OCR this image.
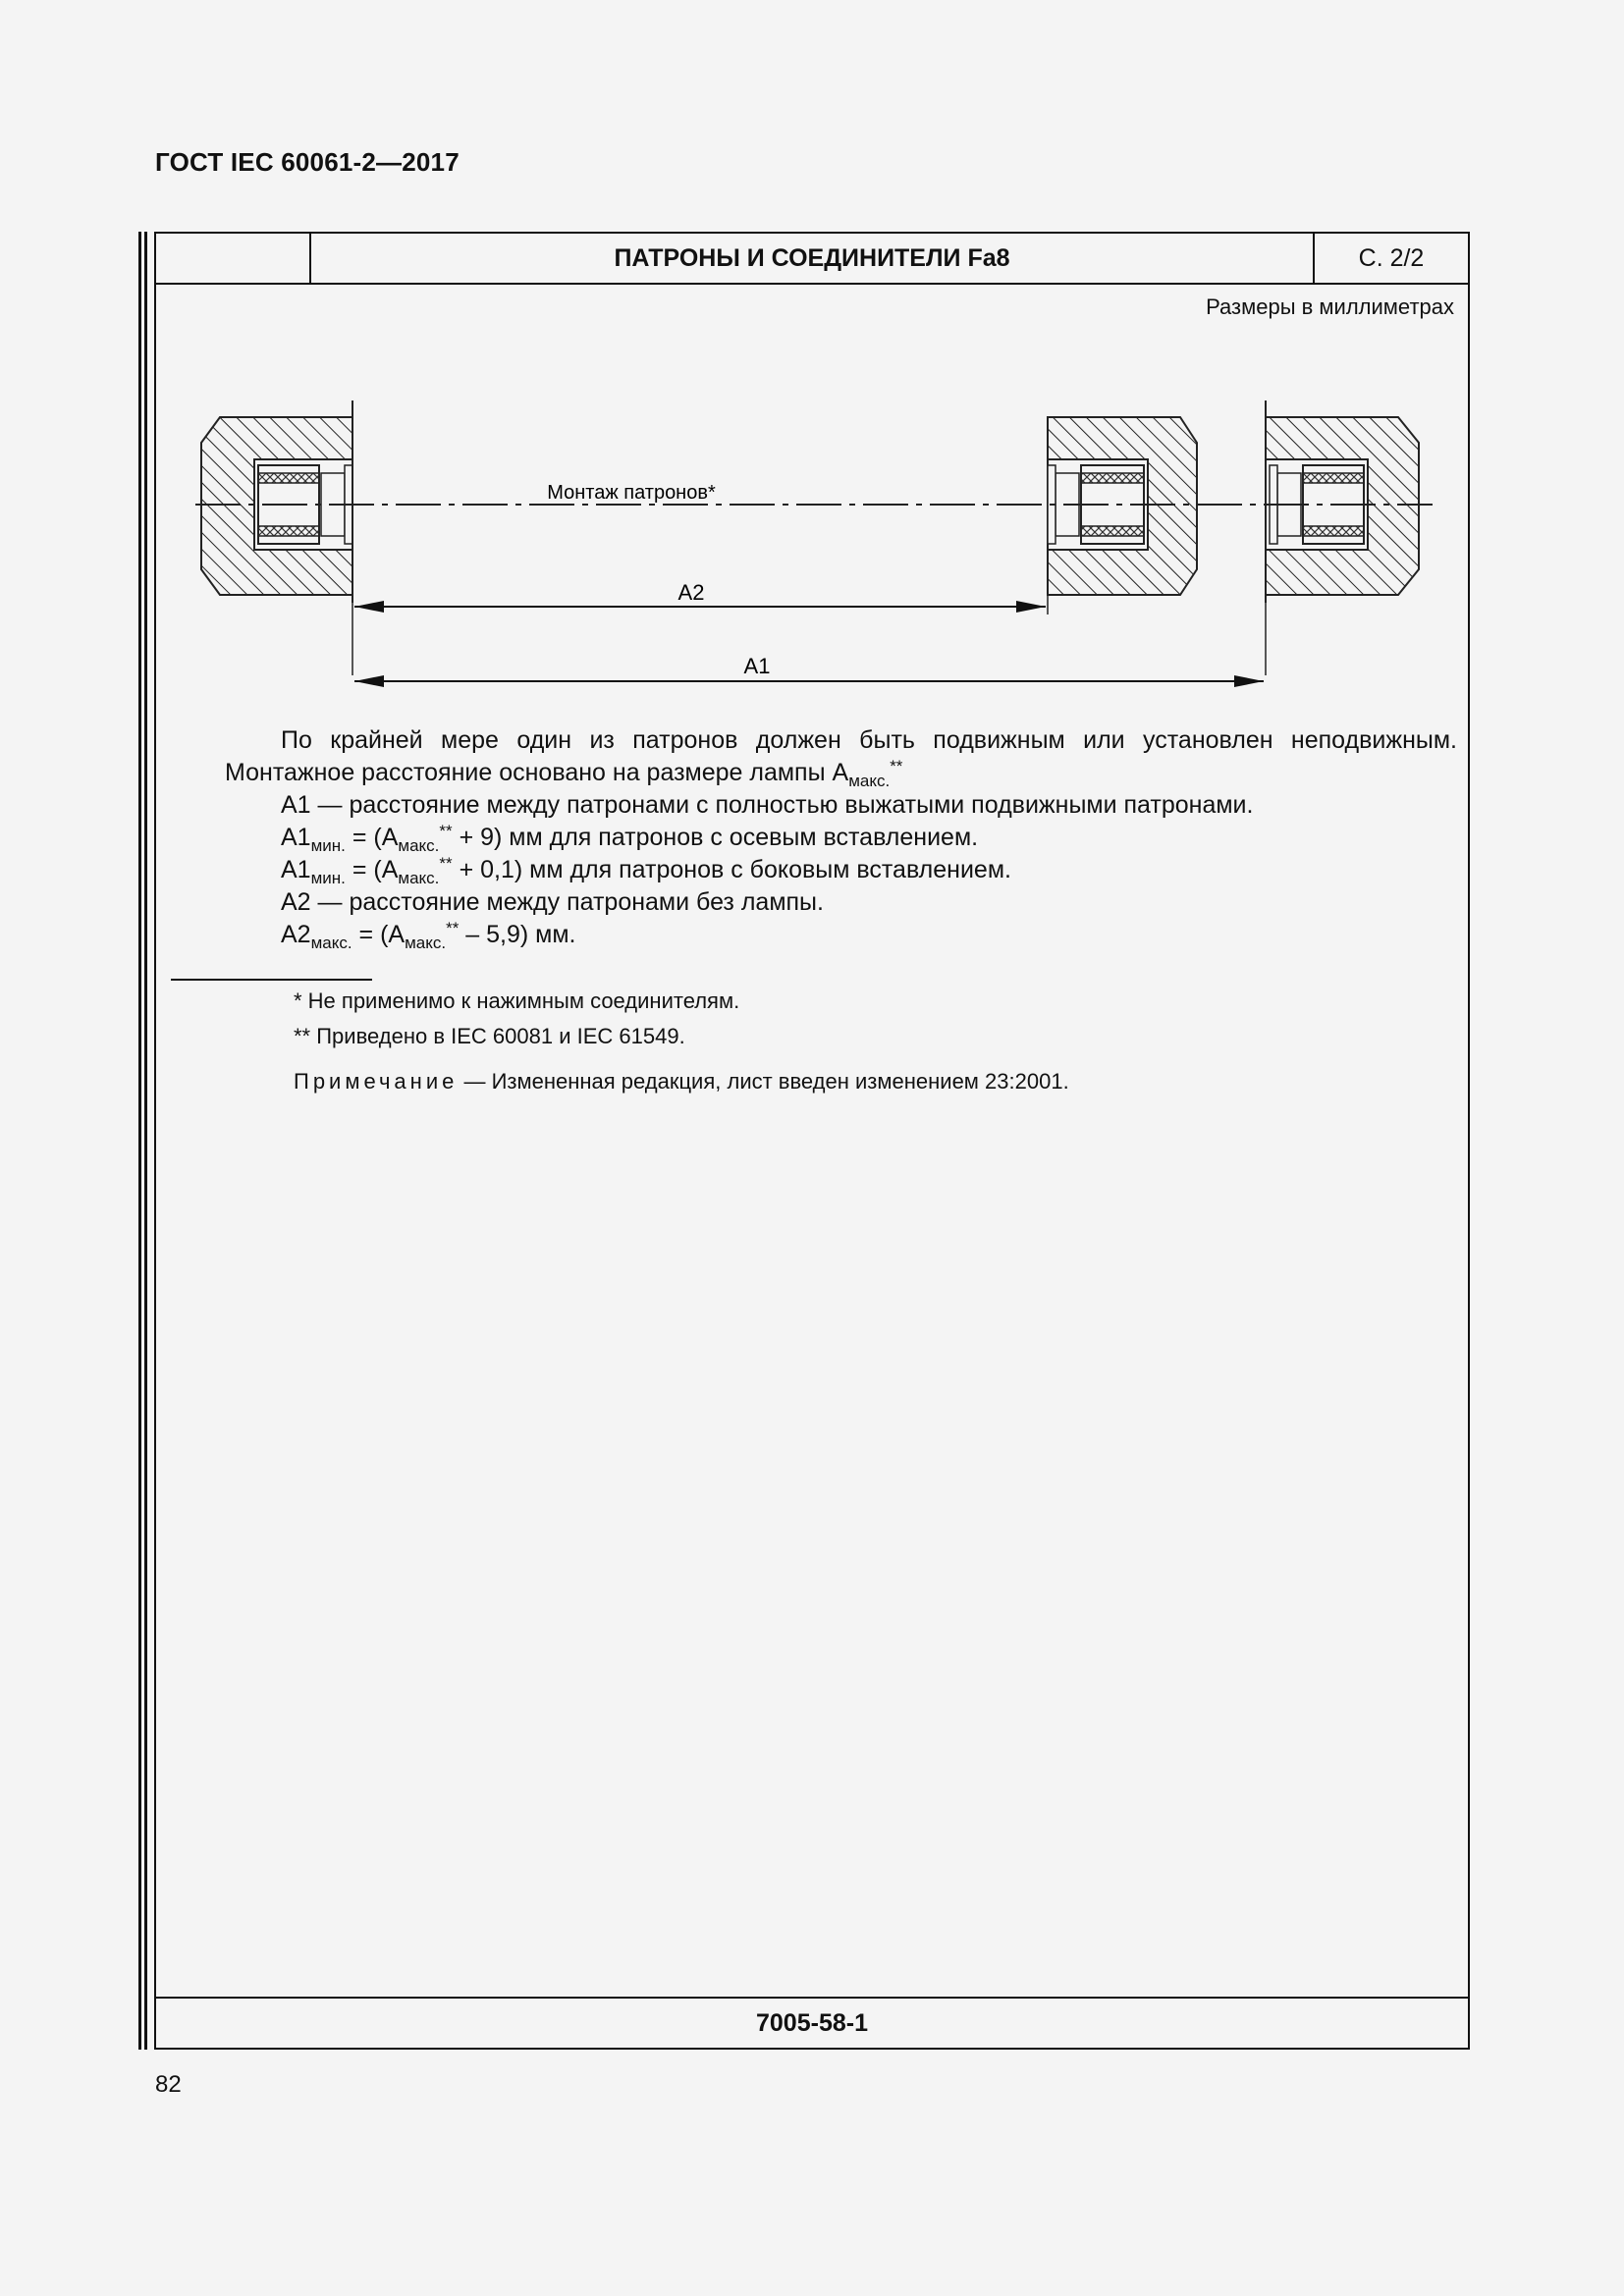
ГОСТ IEC 60061-2—2017
ПАТРОНЫ И СОЕДИНИТЕЛИ Fa8	С. 2/2
Размеры в миллиметрах
Монтаж патронов*
A2
A1

По крайней мере один из патронов должен быть подвижным или установлен неподвижным. Монтажное расстояние основано на размере лампы $A_{макс.}^{**}$

A1 — расстояние между патронами с полностью выжатыми подвижными патронами.

$A1_{мин.} = (A_{макс.}^{**} + 9)$ мм для патронов с осевым вставлением.

$A1_{мин.} = (A_{макс.}^{**} + 0,1)$ мм для патронов с боковым вставлением.

A2 — расстояние между патронами без лампы.

$A2_{макс.} = (A_{макс.}^{**} - 5,9)$ мм.

* Не применимо к нажимным соединителям.

** Приведено в IEC 60081 и IEC 61549.

Примечание — Измененная редакция, лист введен изменением 23:2001.

7005-58-1
82
